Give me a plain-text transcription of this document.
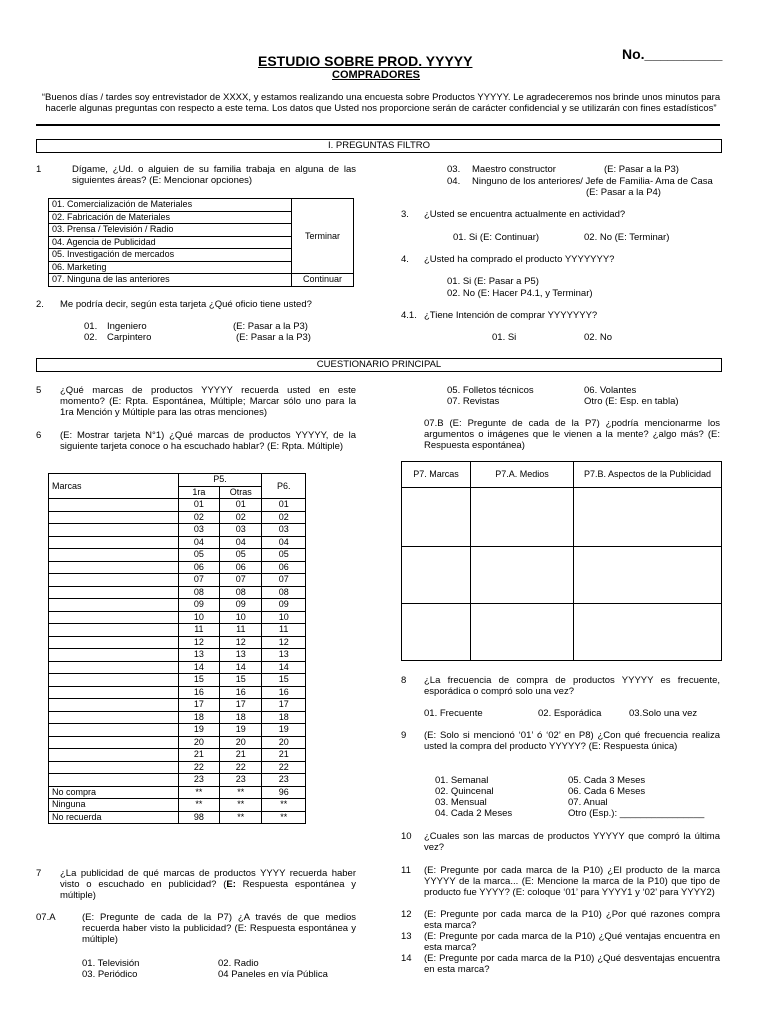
ESTUDIO SOBRE PROD. YYYYY	No.__________
COMPRADORES
“Buenos días / tardes soy entrevistador de XXXX, y estamos realizando una encuesta sobre Productos YYYYY. Le agradeceremos nos brinde unos minutos para hacerle algunas preguntas con respecto a este tema. Los datos que Usted nos proporcione serán de carácter confidencial y se utilizarán con fines estadísticos”
I. PREGUNTAS FILTRO
1	Dígame, ¿Ud. o alguien de su familia trabaja en alguna de las siguientes áreas? (E: Mencionar opciones)
01. Comercialización de Materiales	Terminar
02. Fabricación de Materiales	
03. Prensa / Televisión / Radio	
04. Agencia de Publicidad	
05. Investigación de mercados	
06. Marketing	
07. Ninguna de las anteriores	Continuar
2. Me podría decir, según esta tarjeta ¿Qué oficio tiene usted?
01. Ingeniero	(E: Pasar a la P3)
02. Carpintero	(E: Pasar a la P3)
03. Maestro constructor	(E: Pasar a la P3)
04. Ninguno de los anteriores/ Jefe de Familia- Ama de Casa
(E: Pasar a la P4)
3. ¿Usted se encuentra actualmente en actividad?
01. Si (E: Continuar)	02. No (E: Terminar)
4. ¿Usted ha comprado el producto YYYYYYY?
01. Si (E: Pasar a P5)
02. No (E: Hacer P4.1, y Terminar)
4.1. ¿Tiene Intención de comprar YYYYYYY?
01. Si	02. No
CUESTIONARIO PRINCIPAL
5 ¿Qué marcas de productos YYYYY recuerda usted en este momento? (E: Rpta. Espontánea, Múltiple; Marcar sólo uno para la 1ra Mención y Múltiple para las otras menciones)
6 (E: Mostrar tarjeta N°1) ¿Qué marcas de productos YYYYY, de la siguiente tarjeta conoce o ha escuchado hablar? (E: Rpta. Múltiple)
Marcas	P5.		P6.
	1ra	Otras	
	01	01	01
	02	02	02
	03	03	03
	04	04	04
	05	05	05
	06	06	06
	07	07	07
	08	08	08
	09	09	09
	10	10	10
	11	11	11
	12	12	12
	13	13	13
	14	14	14
	15	15	15
	16	16	16
	17	17	17
	18	18	18
	19	19	19
	20	20	20
	21	21	21
	22	22	22
	23	23	23
No compra	**	**	96
Ninguna	**	**	**
No recuerda	98	**	**
7 ¿La publicidad de qué marcas de productos YYYY recuerda haber visto o escuchado en publicidad? (E: Respuesta espontánea y múltiple)
07.A	(E: Pregunte de cada de la P7) ¿A través de que medios recuerda haber visto la publicidad? (E: Respuesta espontánea y múltiple)
01. Televisión	02. Radio
03. Periódico	04 Paneles en vía Pública
05. Folletos técnicos	06. Volantes
07. Revistas	Otro (E: Esp. en tabla)
07.B (E: Pregunte de cada de la P7) ¿podría mencionarme los argumentos o imágenes que le vienen a la mente? ¿algo más? (E: Respuesta espontánea)
P7. Marcas	P7.A. Medios	P7.B. Aspectos de la Publicidad

8 ¿La frecuencia de compra de productos YYYYY es frecuente, esporádica o compró solo una vez?
01. Frecuente	02. Esporádica	03.Solo una vez
9 (E: Solo si mencionó ‘01’ ó ‘02’ en P8) ¿Con qué frecuencia realiza usted la compra del producto YYYYY? (E: Respuesta única)
01. Semanal
02. Quincenal
03. Mensual
04. Cada 2 Meses
05. Cada 3 Meses
06. Cada 6 Meses
07. Anual
Otro (Esp.): ________________
10 ¿Cuales son las marcas de productos YYYYY que compró la última vez?
11 (E: Pregunte por cada marca de la P10) ¿El producto de la marca YYYYY de la marca... (E: Mencione la marca de la P10) que tipo de producto fue YYYY? (E: coloque ‘01’ para YYYY1 y ‘02’ para YYYY2)
12 (E: Pregunte por cada marca de la P10) ¿Por qué razones compra esta marca?
13 (E: Pregunte por cada marca de la P10) ¿Qué ventajas encuentra en esta marca?
14 (E: Pregunte por cada marca de la P10) ¿Qué desventajas encuentra en esta marca?
